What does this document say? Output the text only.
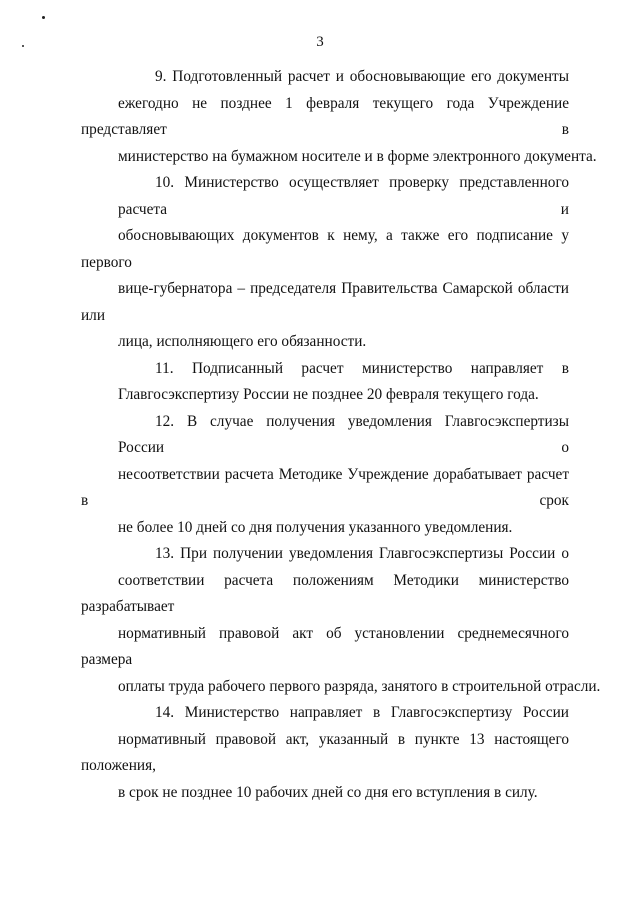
3
9. Подготовленный расчет и обосновывающие его документы
ежегодно не позднее 1 февраля текущего года Учреждение представляет в
министерство на бумажном носителе и в форме электронного документа.
10. Министерство осуществляет проверку представленного расчета и
обосновывающих документов к нему, а также его подписание у первого
вице-губернатора – председателя Правительства Самарской области или
лица, исполняющего его обязанности.
11. Подписанный расчет министерство направляет в
Главгосэкспертизу России не позднее 20 февраля текущего года.
12. В случае получения уведомления Главгосэкспертизы России о
несоответствии расчета Методике Учреждение дорабатывает расчет в срок
не более 10 дней со дня получения указанного уведомления.
13. При получении уведомления Главгосэкспертизы России о
соответствии расчета положениям Методики министерство разрабатывает
нормативный правовой акт об установлении среднемесячного размера
оплаты труда рабочего первого разряда, занятого в строительной отрасли.
14. Министерство направляет в Главгосэкспертизу России
нормативный правовой акт, указанный в пункте 13 настоящего положения,
в срок не позднее 10 рабочих дней со дня его вступления в силу.
